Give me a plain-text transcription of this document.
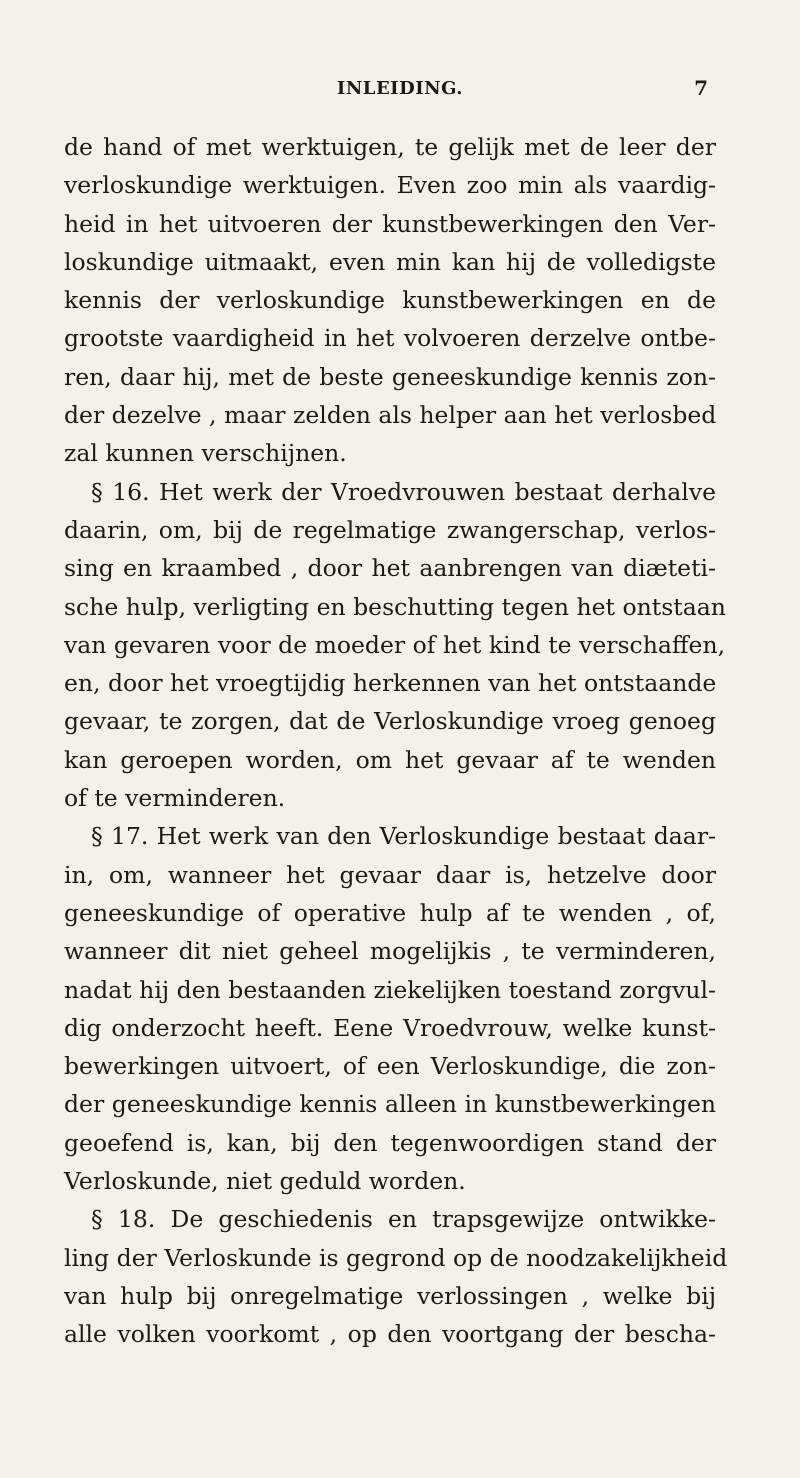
INLEIDING.	7
de hand of met werktuigen, te gelijk met de leer der
verloskundige werktuigen. Even zoo min als vaardig-
heid in het uitvoeren der kunstbewerkingen den Ver-
loskundige uitmaakt, even min kan hij de volledigste
kennis der verloskundige kunstbewerkingen en de
grootste vaardigheid in het volvoeren derzelve ontbe-
ren, daar hij, met de beste geneeskundige kennis zon-
der dezelve , maar zelden als helper aan het verlosbed
zal kunnen verschijnen.
§ 16. Het werk der Vroedvrouwen bestaat derhalve
daarin, om, bij de regelmatige zwangerschap, verlos-
sing en kraambed , door het aanbrengen van diæteti-
sche hulp, verligting en beschutting tegen het ontstaan
van gevaren voor de moeder of het kind te verschaffen,
en, door het vroegtijdig herkennen van het ontstaande
gevaar, te zorgen, dat de Verloskundige vroeg genoeg
kan geroepen worden, om het gevaar af te wenden
of te verminderen.
§ 17. Het werk van den Verloskundige bestaat daar-
in, om, wanneer het gevaar daar is, hetzelve door
geneeskundige of operative hulp af te wenden , of,
wanneer dit niet geheel mogelijkis , te verminderen,
nadat hij den bestaanden ziekelijken toestand zorgvul-
dig onderzocht heeft. Eene Vroedvrouw, welke kunst-
bewerkingen uitvoert, of een Verloskundige, die zon-
der geneeskundige kennis alleen in kunstbewerkingen
geoefend is, kan, bij den tegenwoordigen stand der
Verloskunde, niet geduld worden.
§ 18. De geschiedenis en trapsgewijze ontwikke-
ling der Verloskunde is gegrond op de noodzakelijkheid
van hulp bij onregelmatige verlossingen , welke bij
alle volken voorkomt , op den voortgang der bescha-
